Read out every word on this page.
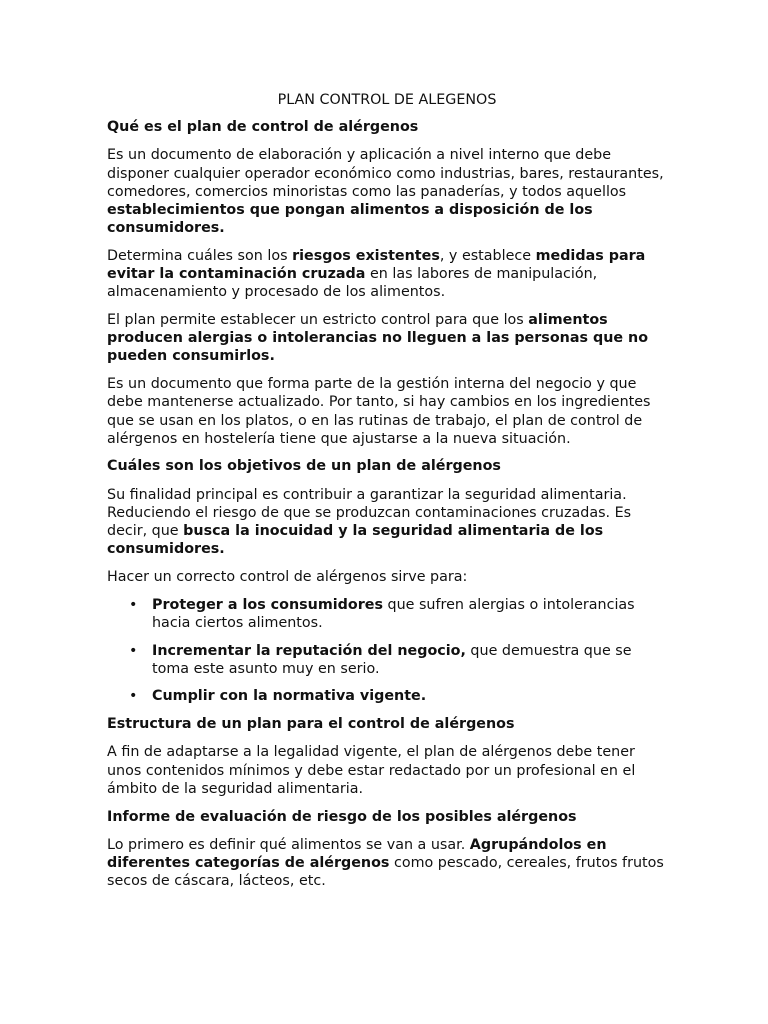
PLAN CONTROL DE ALEGENOS
Qué es el plan de control de alérgenos

Es un documento de elaboración y aplicación a nivel interno que debe disponer cualquier operador económico como industrias, bares, restaurantes, comedores, comercios minoristas como las panaderías, y todos aquellos establecimientos que pongan alimentos a disposición de los consumidores.

Determina cuáles son los riesgos existentes, y establece medidas para evitar la contaminación cruzada en las labores de manipulación, almacenamiento y procesado de los alimentos.

El plan permite establecer un estricto control para que los alimentos producen alergias o intolerancias no lleguen a las personas que no pueden consumirlos.

Es un documento que forma parte de la gestión interna del negocio y que debe mantenerse actualizado. Por tanto, si hay cambios en los ingredientes que se usan en los platos, o en las rutinas de trabajo, el plan de control de alérgenos en hostelería tiene que ajustarse a la nueva situación.

Cuáles son los objetivos de un plan de alérgenos

Su finalidad principal es contribuir a garantizar la seguridad alimentaria. Reduciendo el riesgo de que se produzcan contaminaciones cruzadas. Es decir, que busca la inocuidad y la seguridad alimentaria de los consumidores.

Hacer un correcto control de alérgenos sirve para:

• Proteger a los consumidores que sufren alergias o intolerancias hacia ciertos alimentos.
• Incrementar la reputación del negocio, que demuestra que se toma este asunto muy en serio.
• Cumplir con la normativa vigente.
Estructura de un plan para el control de alérgenos

A fin de adaptarse a la legalidad vigente, el plan de alérgenos debe tener unos contenidos mínimos y debe estar redactado por un profesional en el ámbito de la seguridad alimentaria.

Informe de evaluación de riesgo de los posibles alérgenos

Lo primero es definir qué alimentos se van a usar. Agrupándolos en diferentes categorías de alérgenos como pescado, cereales, frutos frutos secos de cáscara, lácteos, etc.
